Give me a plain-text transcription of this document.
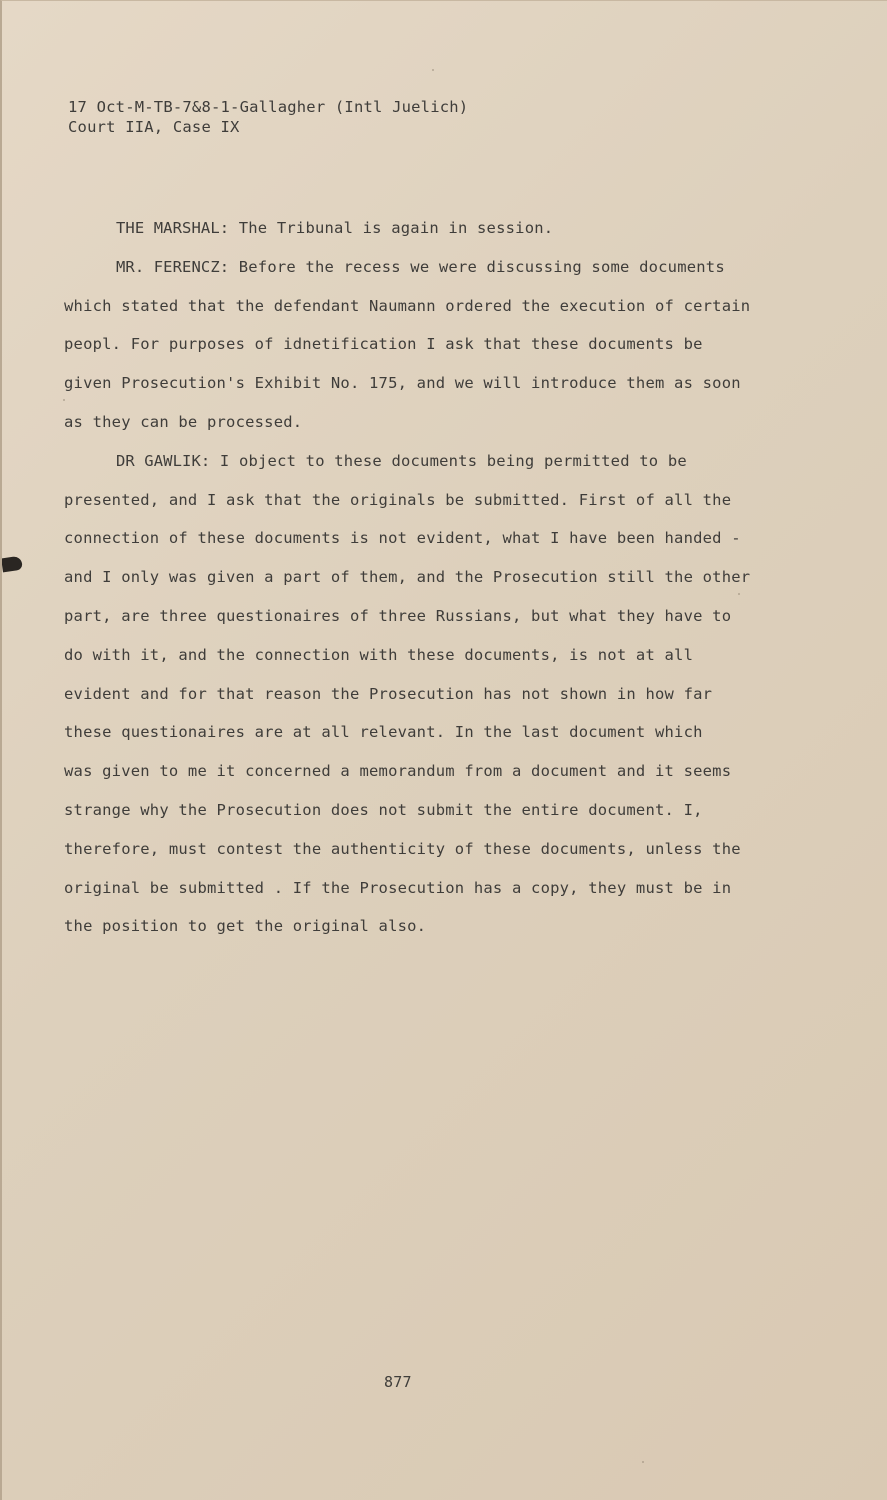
17 Oct-M-TB-7&8-1-Gallagher (Intl Juelich)
Court IIA, Case IX
THE MARSHAL: The Tribunal is again in session.
MR. FERENCZ: Before the recess we were discussing some documents
which stated that the defendant Naumann ordered the execution of certain
peopl. For purposes of idnetification I ask that these documents be
given Prosecution's Exhibit No. 175, and we will introduce them as soon
as they can be processed.
DR GAWLIK: I object to these documents being permitted to be
presented, and I ask that the originals be submitted. First of all the
connection of these documents is not evident, what I have been handed -
and I only was given a part of them, and the Prosecution still the other
part, are three questionaires of three Russians, but what they have to
do with it, and the connection with these documents, is not at all
evident and for that reason the Prosecution has not shown in how far
these questionaires are at all relevant. In the last document which
was given to me it concerned a memorandum from a document and it seems
strange why the Prosecution does not submit the entire document. I,
therefore, must contest the authenticity of these documents, unless the
original be submitted . If the Prosecution has a copy, they must be in
the position to get the original also.
877
